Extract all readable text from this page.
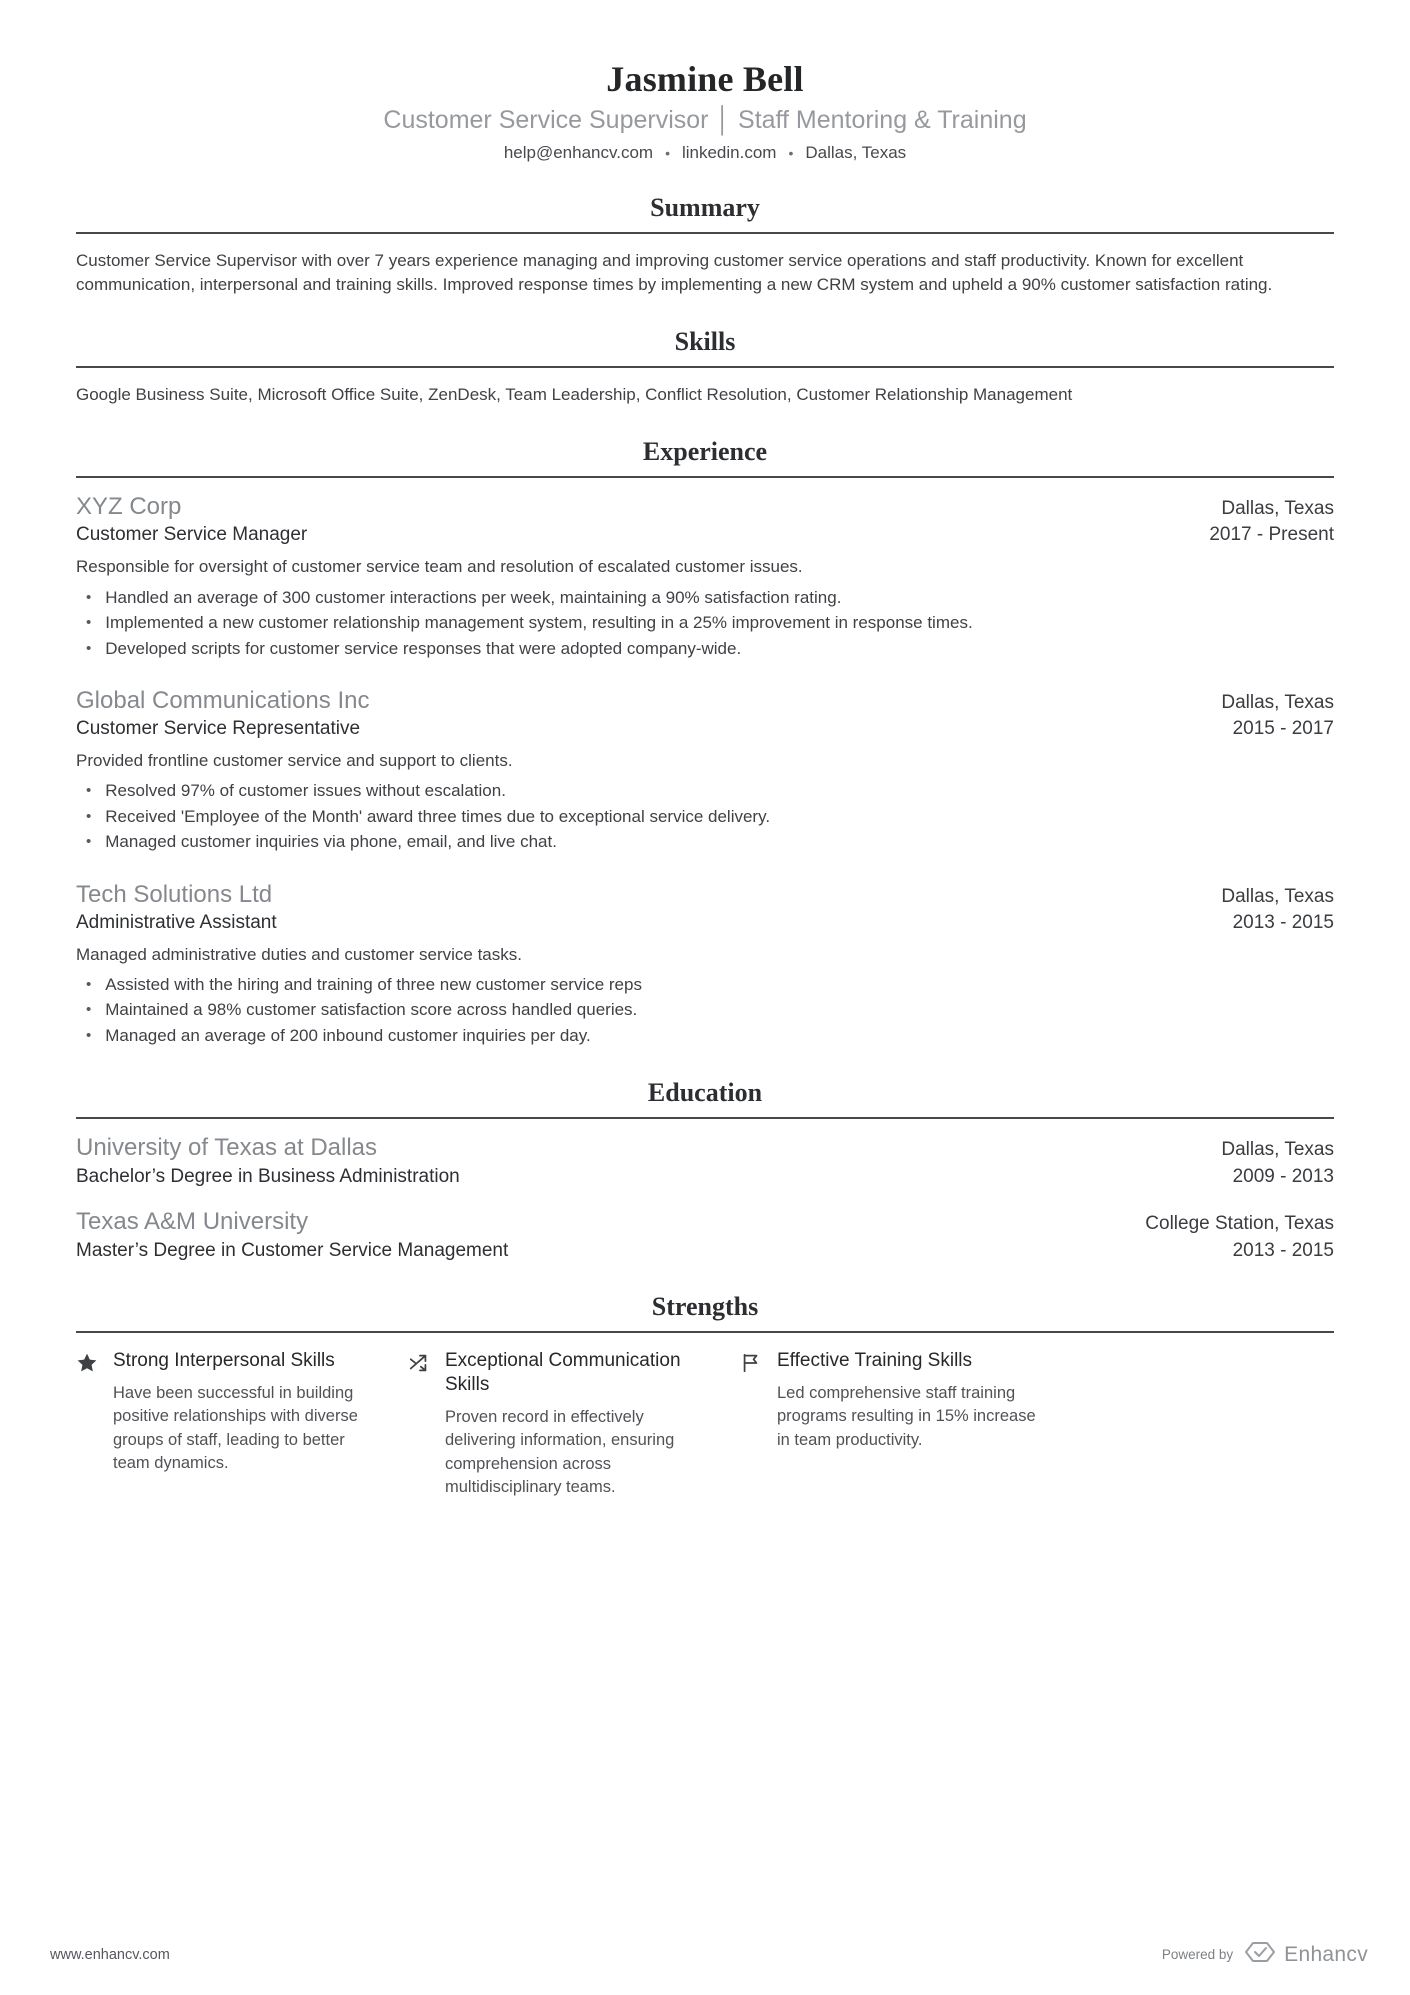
Jasmine Bell
Customer Service Supervisor │ Staff Mentoring & Training
help@enhancv.com • linkedin.com • Dallas, Texas
Summary

Customer Service Supervisor with over 7 years experience managing and improving customer service operations and staff productivity. Known for excellent communication, interpersonal and training skills. Improved response times by implementing a new CRM system and upheld a 90% customer satisfaction rating.

Skills

Google Business Suite, Microsoft Office Suite, ZenDesk, Team Leadership, Conflict Resolution, Customer Relationship Management

Experience
XYZ Corp	Dallas, Texas
Customer Service Manager	2017 - Present

Responsible for oversight of customer service team and resolution of escalated customer issues.

• Handled an average of 300 customer interactions per week, maintaining a 90% satisfaction rating.
• Implemented a new customer relationship management system, resulting in a 25% improvement in response times.
• Developed scripts for customer service responses that were adopted company-wide.
Global Communications Inc	Dallas, Texas
Customer Service Representative	2015 - 2017

Provided frontline customer service and support to clients.

• Resolved 97% of customer issues without escalation.
• Received 'Employee of the Month' award three times due to exceptional service delivery.
• Managed customer inquiries via phone, email, and live chat.
Tech Solutions Ltd	Dallas, Texas
Administrative Assistant	2013 - 2015

Managed administrative duties and customer service tasks.

• Assisted with the hiring and training of three new customer service reps
• Maintained a 98% customer satisfaction score across handled queries.
• Managed an average of 200 inbound customer inquiries per day.
Education
University of Texas at Dallas	Dallas, Texas
Bachelor’s Degree in Business Administration	2009 - 2013
Texas A&M University	College Station, Texas
Master’s Degree in Customer Service Management	2013 - 2015
Strengths
Strong Interpersonal Skills
Have been successful in building positive relationships with diverse groups of staff, leading to better team dynamics.
Exceptional Communication Skills
Proven record in effectively delivering information, ensuring comprehension across multidisciplinary teams.
Effective Training Skills
Led comprehensive staff training programs resulting in 15% increase in team productivity.
www.enhancv.com	Powered by Enhancv
